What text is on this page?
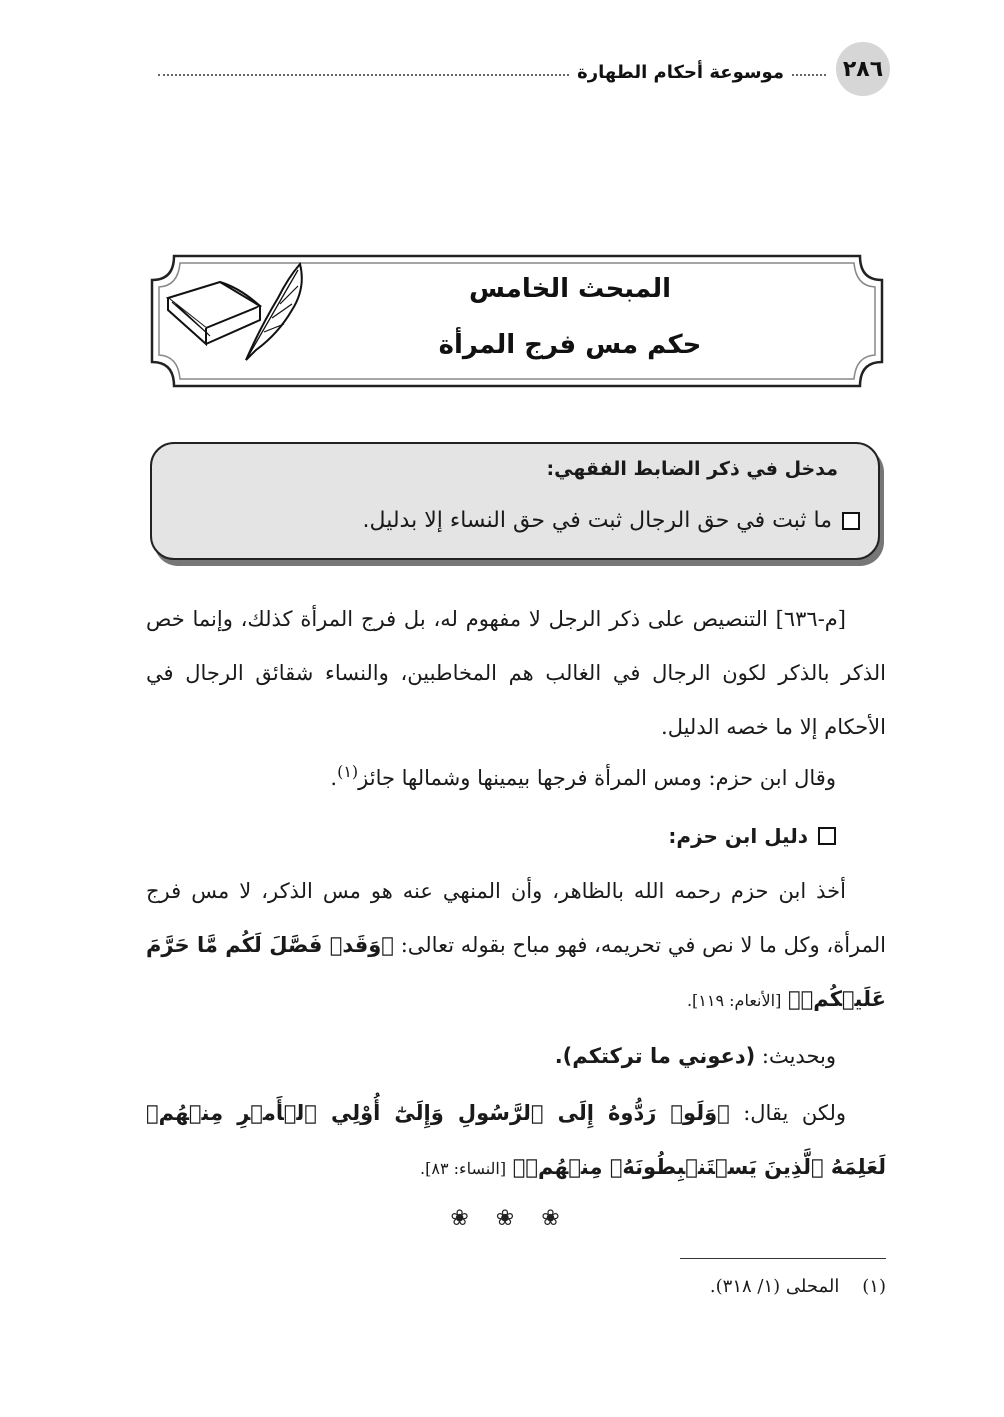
٢٨٦
موسوعة أحكام الطهارة
المبحث الخامس
حكم مس فرج المرأة
مدخل في ذكر الضابط الفقهي:
ما ثبت في حق الرجال ثبت في حق النساء إلا بدليل.
[م-٦٣٦] التنصيص على ذكر الرجل لا مفهوم له، بل فرج المرأة كذلك، وإنما خص الذكر بالذكر لكون الرجال في الغالب هم المخاطبين، والنساء شقائق الرجال في الأحكام إلا ما خصه الدليل.
وقال ابن حزم: ومس المرأة فرجها بيمينها وشمالها جائز$^{(١)}$.
دليل ابن حزم:
أخذ ابن حزم رحمه الله بالظاهر، وأن المنهي عنه هو مس الذكر، لا مس فرج المرأة، وكل ما لا نص في تحريمه، فهو مباح بقوله تعالى: ﴿وَقَدۡ فَصَّلَ لَكُم مَّا حَرَّمَ عَلَيۡكُمۡ﴾ [الأنعام: ١١٩].
وبحديث: (دعوني ما تركتكم).
ولكن يقال: ﴿وَلَوۡ رَدُّوهُ إِلَى ٱلرَّسُولِ وَإِلَىٰٓ أُوْلِي ٱلۡأَمۡرِ مِنۡهُمۡ لَعَلِمَهُ ٱلَّذِينَ يَسۡتَنۢبِطُونَهُۥ مِنۡهُمۡ﴾ [النساء: ٨٣].
❀ ❀ ❀
(١)    المحلى (١/ ٣١٨).
